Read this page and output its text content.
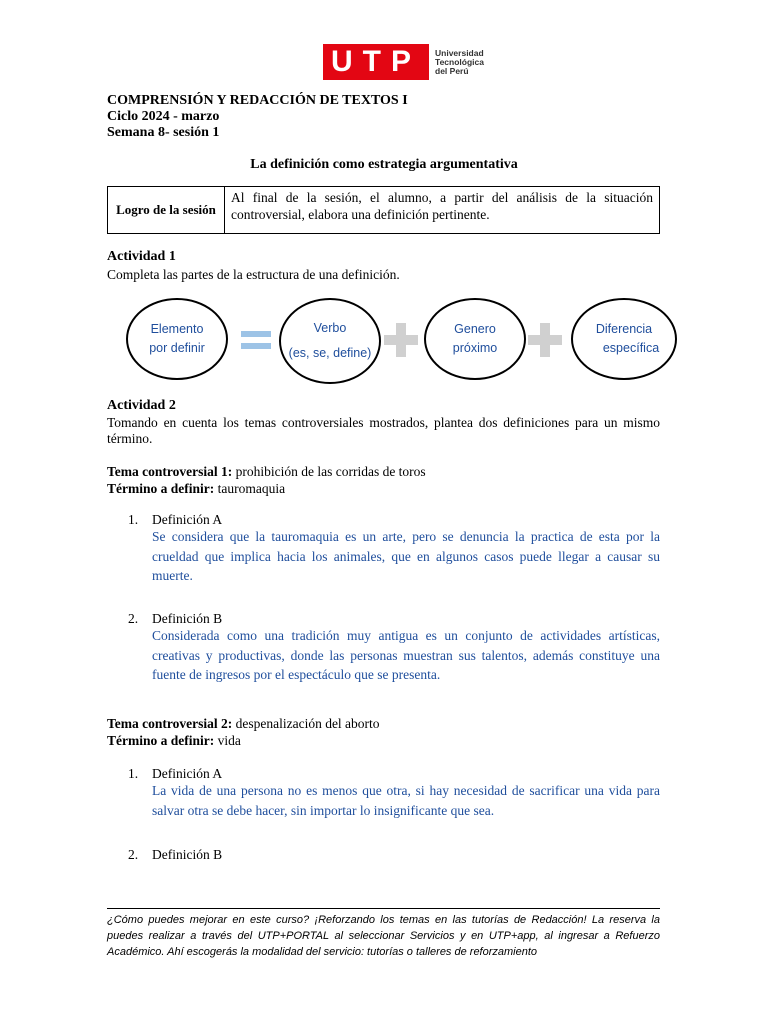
U T P Universidad
Tecnológica
del Perú
COMPRENSIÓN Y REDACCIÓN DE TEXTOS I
Ciclo 2024 - marzo
Semana 8- sesión 1
La definición como estrategia argumentativa
Logro de la sesión
Al final de la sesión, el alumno, a partir del análisis de la situación controversial, elabora una definición pertinente.
Actividad 1
Completa las partes de la estructura de una definición.
Elemento
por definir
Verbo
(es, se, define)
Genero
próximo
Diferencia
específica
Actividad 2
Tomando en cuenta los temas controversiales mostrados, plantea dos definiciones para un mismo término.
Tema controversial 1: prohibición de las corridas de toros
Término a definir: tauromaquia
1. Definición A
Se considera que la tauromaquia es un arte, pero se denuncia la practica de esta por la crueldad que implica hacia los animales, que en algunos casos puede llegar a causar su muerte.
2. Definición B
Considerada como una tradición muy antigua es un conjunto de actividades artísticas, creativas y productivas, donde las personas muestran sus talentos, además constituye una fuente de ingresos por el espectáculo que se presenta.
Tema controversial 2: despenalización del aborto
Término a definir: vida
1. Definición A
La vida de una persona no es menos que otra, si hay necesidad de sacrificar una vida para salvar otra se debe hacer, sin importar lo insignificante que sea.
2. Definición B
¿Cómo puedes mejorar en este curso? ¡Reforzando los temas en las tutorías de Redacción! La reserva la puedes realizar a través del UTP+PORTAL al seleccionar Servicios y en UTP+app, al ingresar a Refuerzo Académico. Ahí escogerás la modalidad del servicio: tutorías o talleres de reforzamiento
